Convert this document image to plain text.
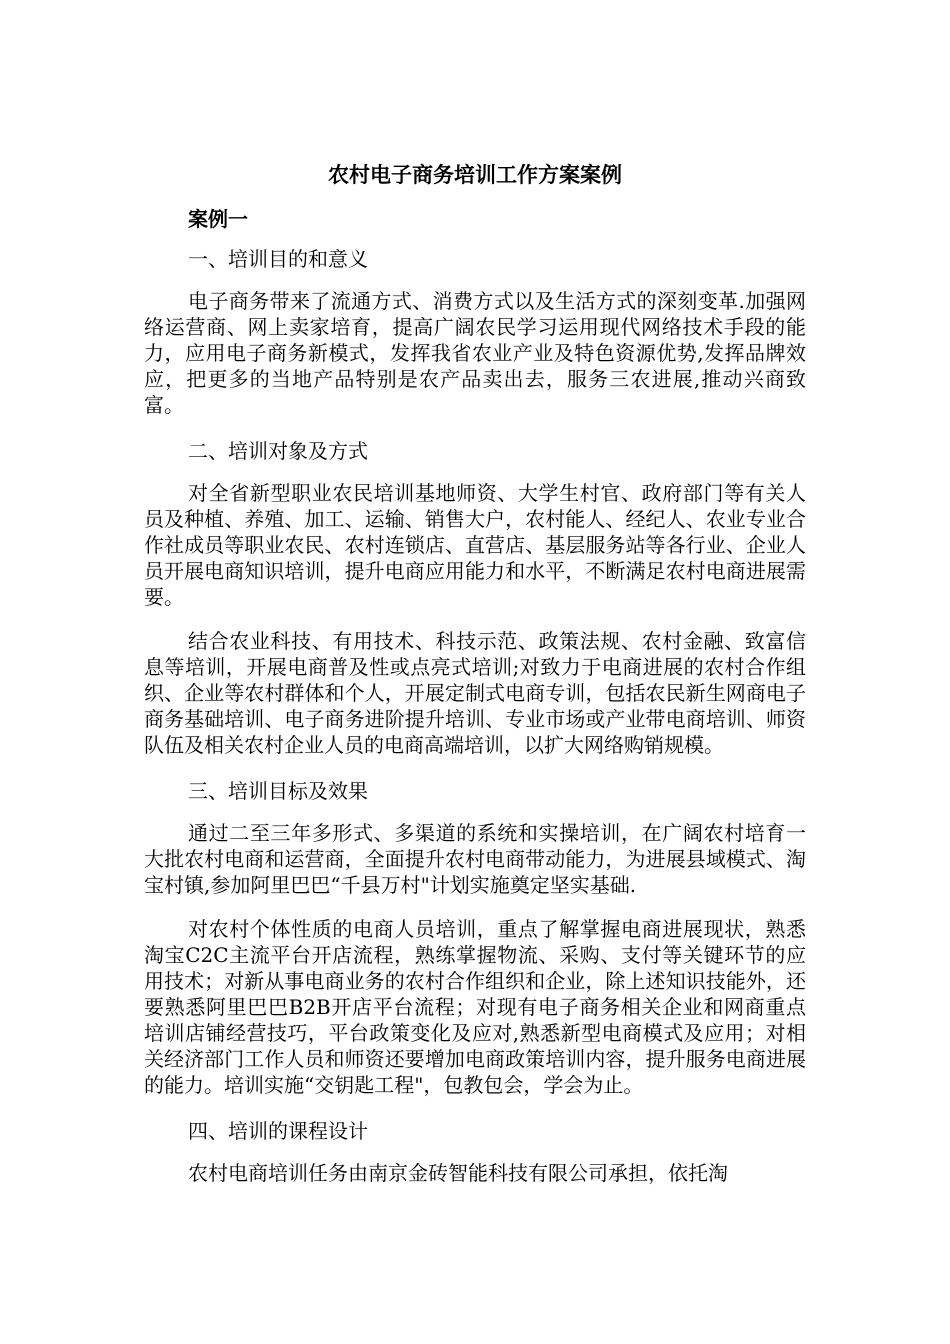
农村电子商务培训工作方案案例
案例一
一、培训目的和意义

电子商务带来了流通方式、消费方式以及生活方式的深刻变革.加强网络运营商、网上卖家培育，提高广阔农民学习运用现代网络技术手段的能力，应用电子商务新模式，发挥我省农业产业及特色资源优势,发挥品牌效应，把更多的当地产品特别是农产品卖出去，服务三农进展,推动兴商致富。

二、培训对象及方式

对全省新型职业农民培训基地师资、大学生村官、政府部门等有关人员及种植、养殖、加工、运输、销售大户，农村能人、经纪人、农业专业合作社成员等职业农民、农村连锁店、直营店、基层服务站等各行业、企业人员开展电商知识培训，提升电商应用能力和水平，不断满足农村电商进展需要。

结合农业科技、有用技术、科技示范、政策法规、农村金融、致富信息等培训，开展电商普及性或点亮式培训;对致力于电商进展的农村合作组织、企业等农村群体和个人，开展定制式电商专训，包括农民新生网商电子商务基础培训、电子商务进阶提升培训、专业市场或产业带电商培训、师资队伍及相关农村企业人员的电商高端培训，以扩大网络购销规模。

三、培训目标及效果

通过二至三年多形式、多渠道的系统和实操培训，在广阔农村培育一大批农村电商和运营商，全面提升农村电商带动能力，为进展县域模式、淘宝村镇,参加阿里巴巴“千县万村"计划实施奠定坚实基础.

对农村个体性质的电商人员培训，重点了解掌握电商进展现状，熟悉淘宝C2C主流平台开店流程，熟练掌握物流、采购、支付等关键环节的应用技术；对新从事电商业务的农村合作组织和企业，除上述知识技能外，还要熟悉阿里巴巴B2B开店平台流程；对现有电子商务相关企业和网商重点培训店铺经营技巧，平台政策变化及应对,熟悉新型电商模式及应用；对相关经济部门工作人员和师资还要增加电商政策培训内容，提升服务电商进展的能力。培训实施“交钥匙工程"，包教包会，学会为止。

四、培训的课程设计

农村电商培训任务由南京金砖智能科技有限公司承担，依托淘
